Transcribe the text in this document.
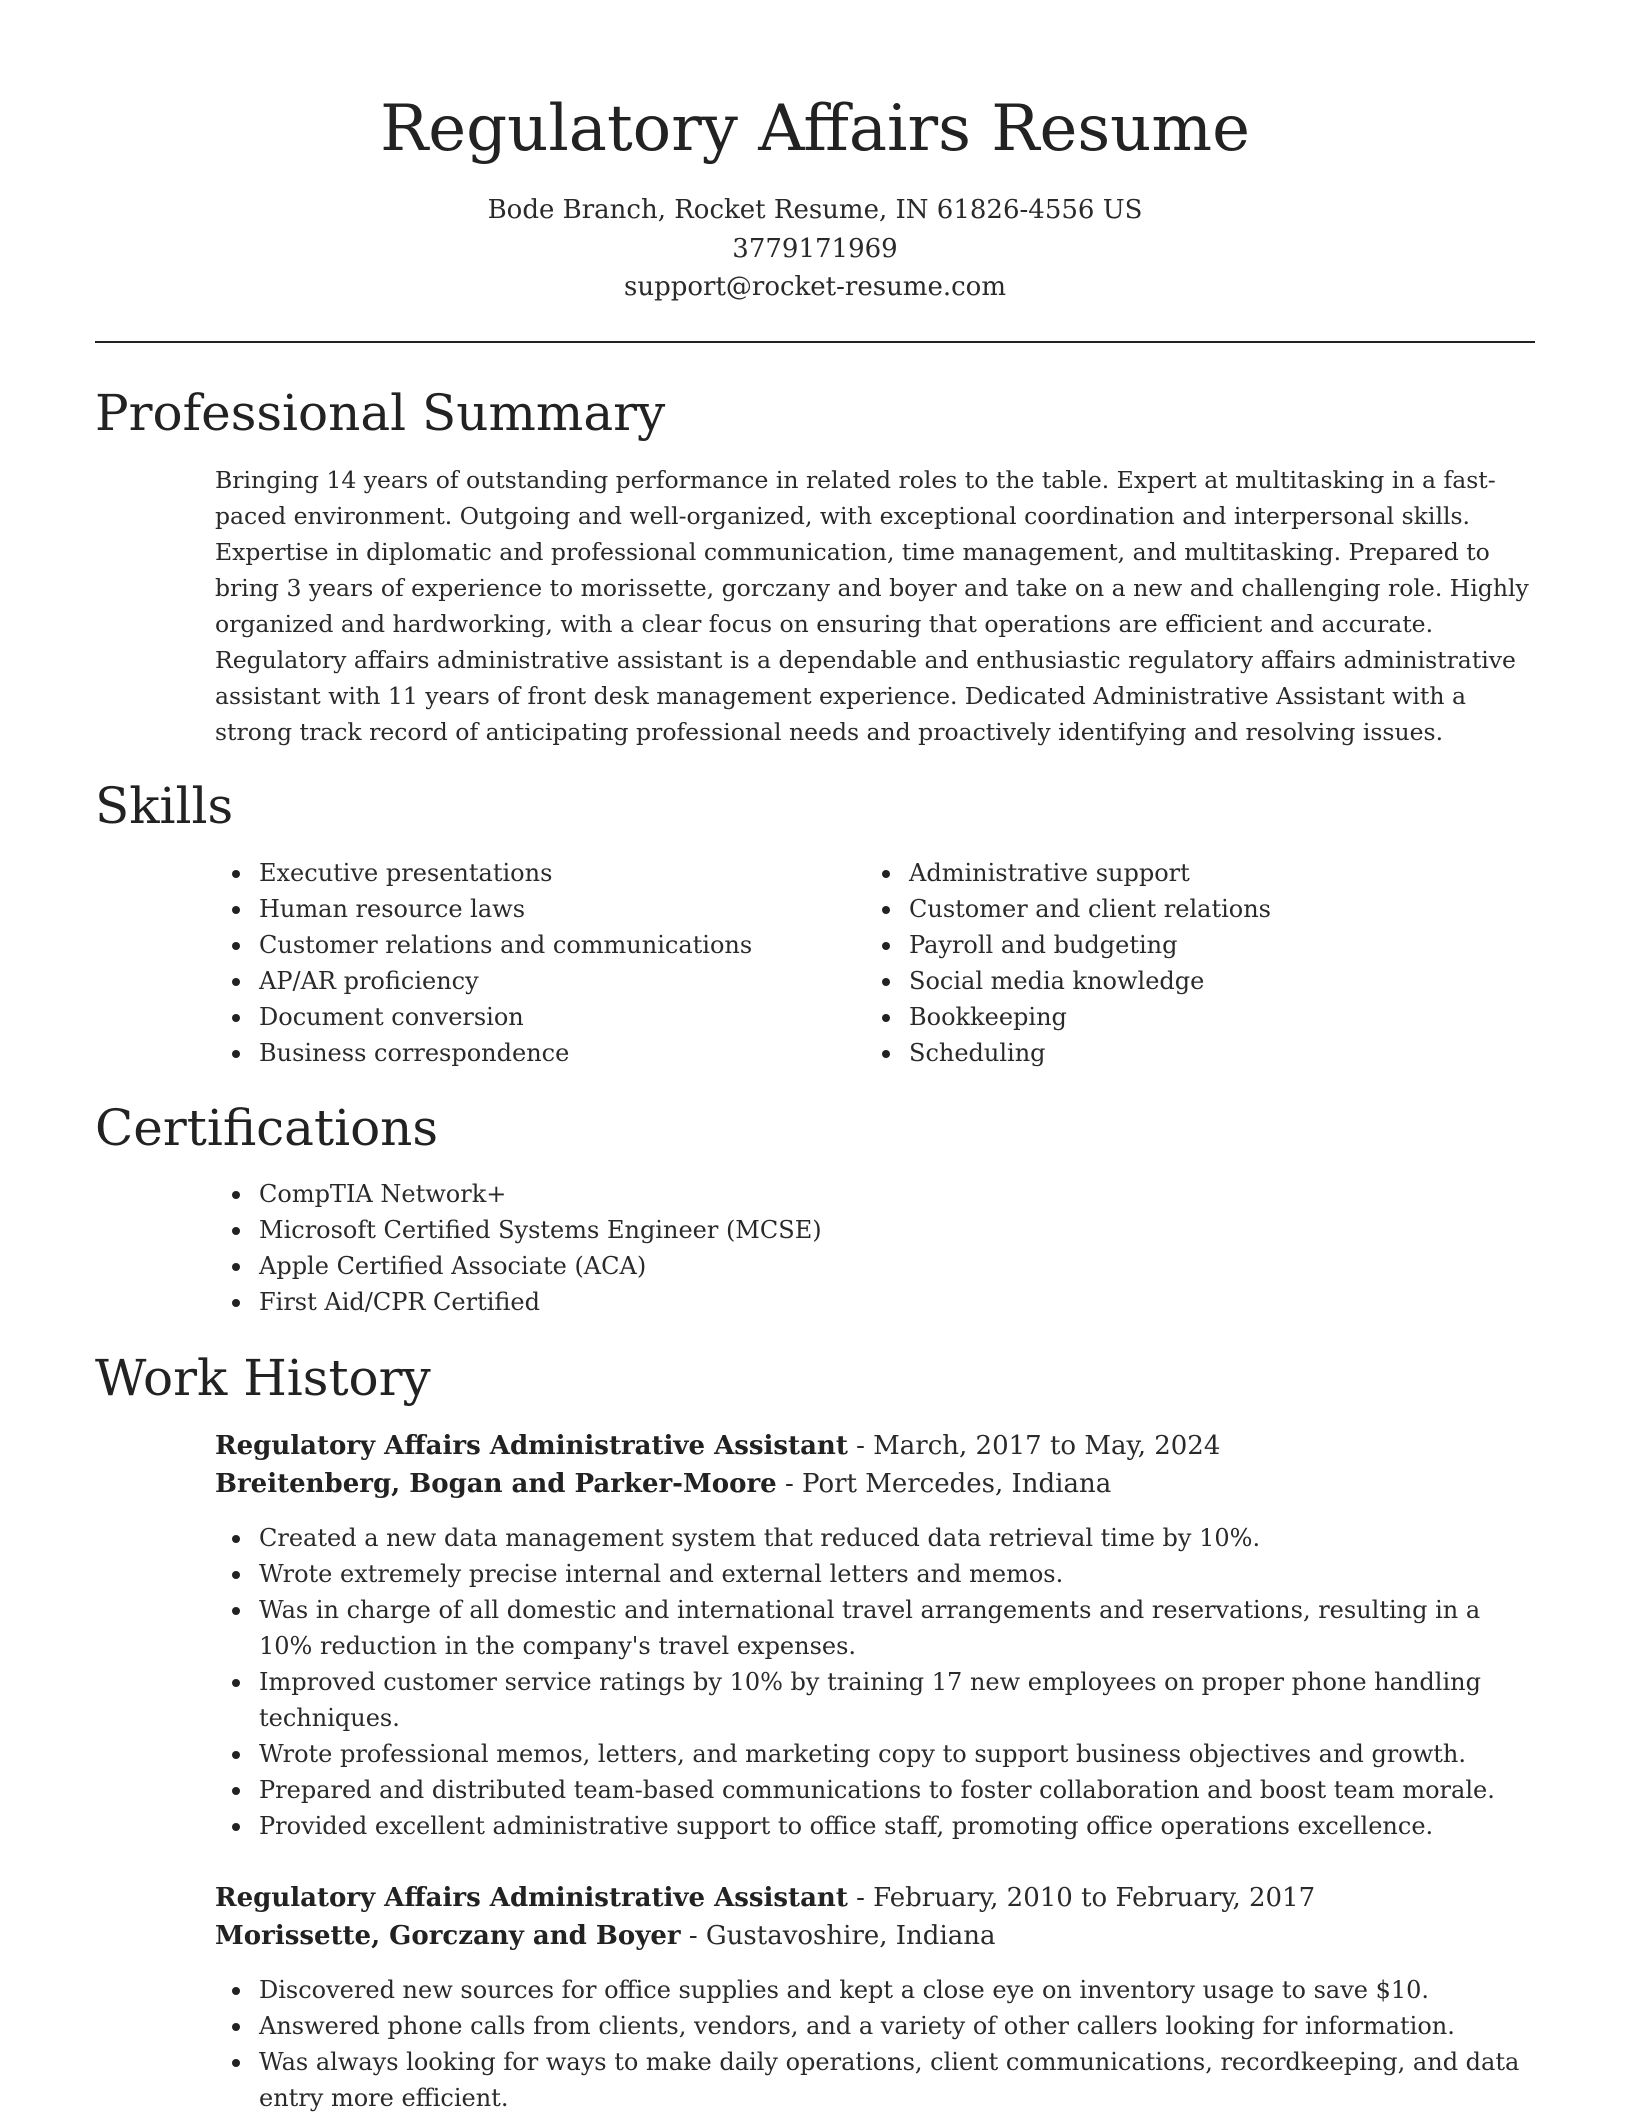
Regulatory Affairs Resume
Bode Branch, Rocket Resume, IN 61826-4556 US
3779171969
support@rocket-resume.com
Professional Summary

Bringing 14 years of outstanding performance in related roles to the table. Expert at multitasking in a fast-paced environment. Outgoing and well-organized, with exceptional coordination and interpersonal skills. Expertise in diplomatic and professional communication, time management, and multitasking. Prepared to bring 3 years of experience to morissette, gorczany and boyer and take on a new and challenging role. Highly organized and hardworking, with a clear focus on ensuring that operations are efficient and accurate. Regulatory affairs administrative assistant is a dependable and enthusiastic regulatory affairs administrative assistant with 11 years of front desk management experience. Dedicated Administrative Assistant with a strong track record of anticipating professional needs and proactively identifying and resolving issues.

Skills
Executive presentations
Human resource laws
Customer relations and communications
AP/AR proficiency
Document conversion
Business correspondence
Administrative support
Customer and client relations
Payroll and budgeting
Social media knowledge
Bookkeeping
Scheduling
Certifications
CompTIA Network+
Microsoft Certified Systems Engineer (MCSE)
Apple Certified Associate (ACA)
First Aid/CPR Certified
Work History
Regulatory Affairs Administrative Assistant - March, 2017 to May, 2024
Breitenberg, Bogan and Parker-Moore - Port Mercedes, Indiana
Created a new data management system that reduced data retrieval time by 10%.
Wrote extremely precise internal and external letters and memos.
Was in charge of all domestic and international travel arrangements and reservations, resulting in a 10% reduction in the company's travel expenses.
Improved customer service ratings by 10% by training 17 new employees on proper phone handling techniques.
Wrote professional memos, letters, and marketing copy to support business objectives and growth.
Prepared and distributed team-based communications to foster collaboration and boost team morale.
Provided excellent administrative support to office staff, promoting office operations excellence.
Regulatory Affairs Administrative Assistant - February, 2010 to February, 2017
Morissette, Gorczany and Boyer - Gustavoshire, Indiana
Discovered new sources for office supplies and kept a close eye on inventory usage to save $10.
Answered phone calls from clients, vendors, and a variety of other callers looking for information.
Was always looking for ways to make daily operations, client communications, recordkeeping, and data entry more efficient.
